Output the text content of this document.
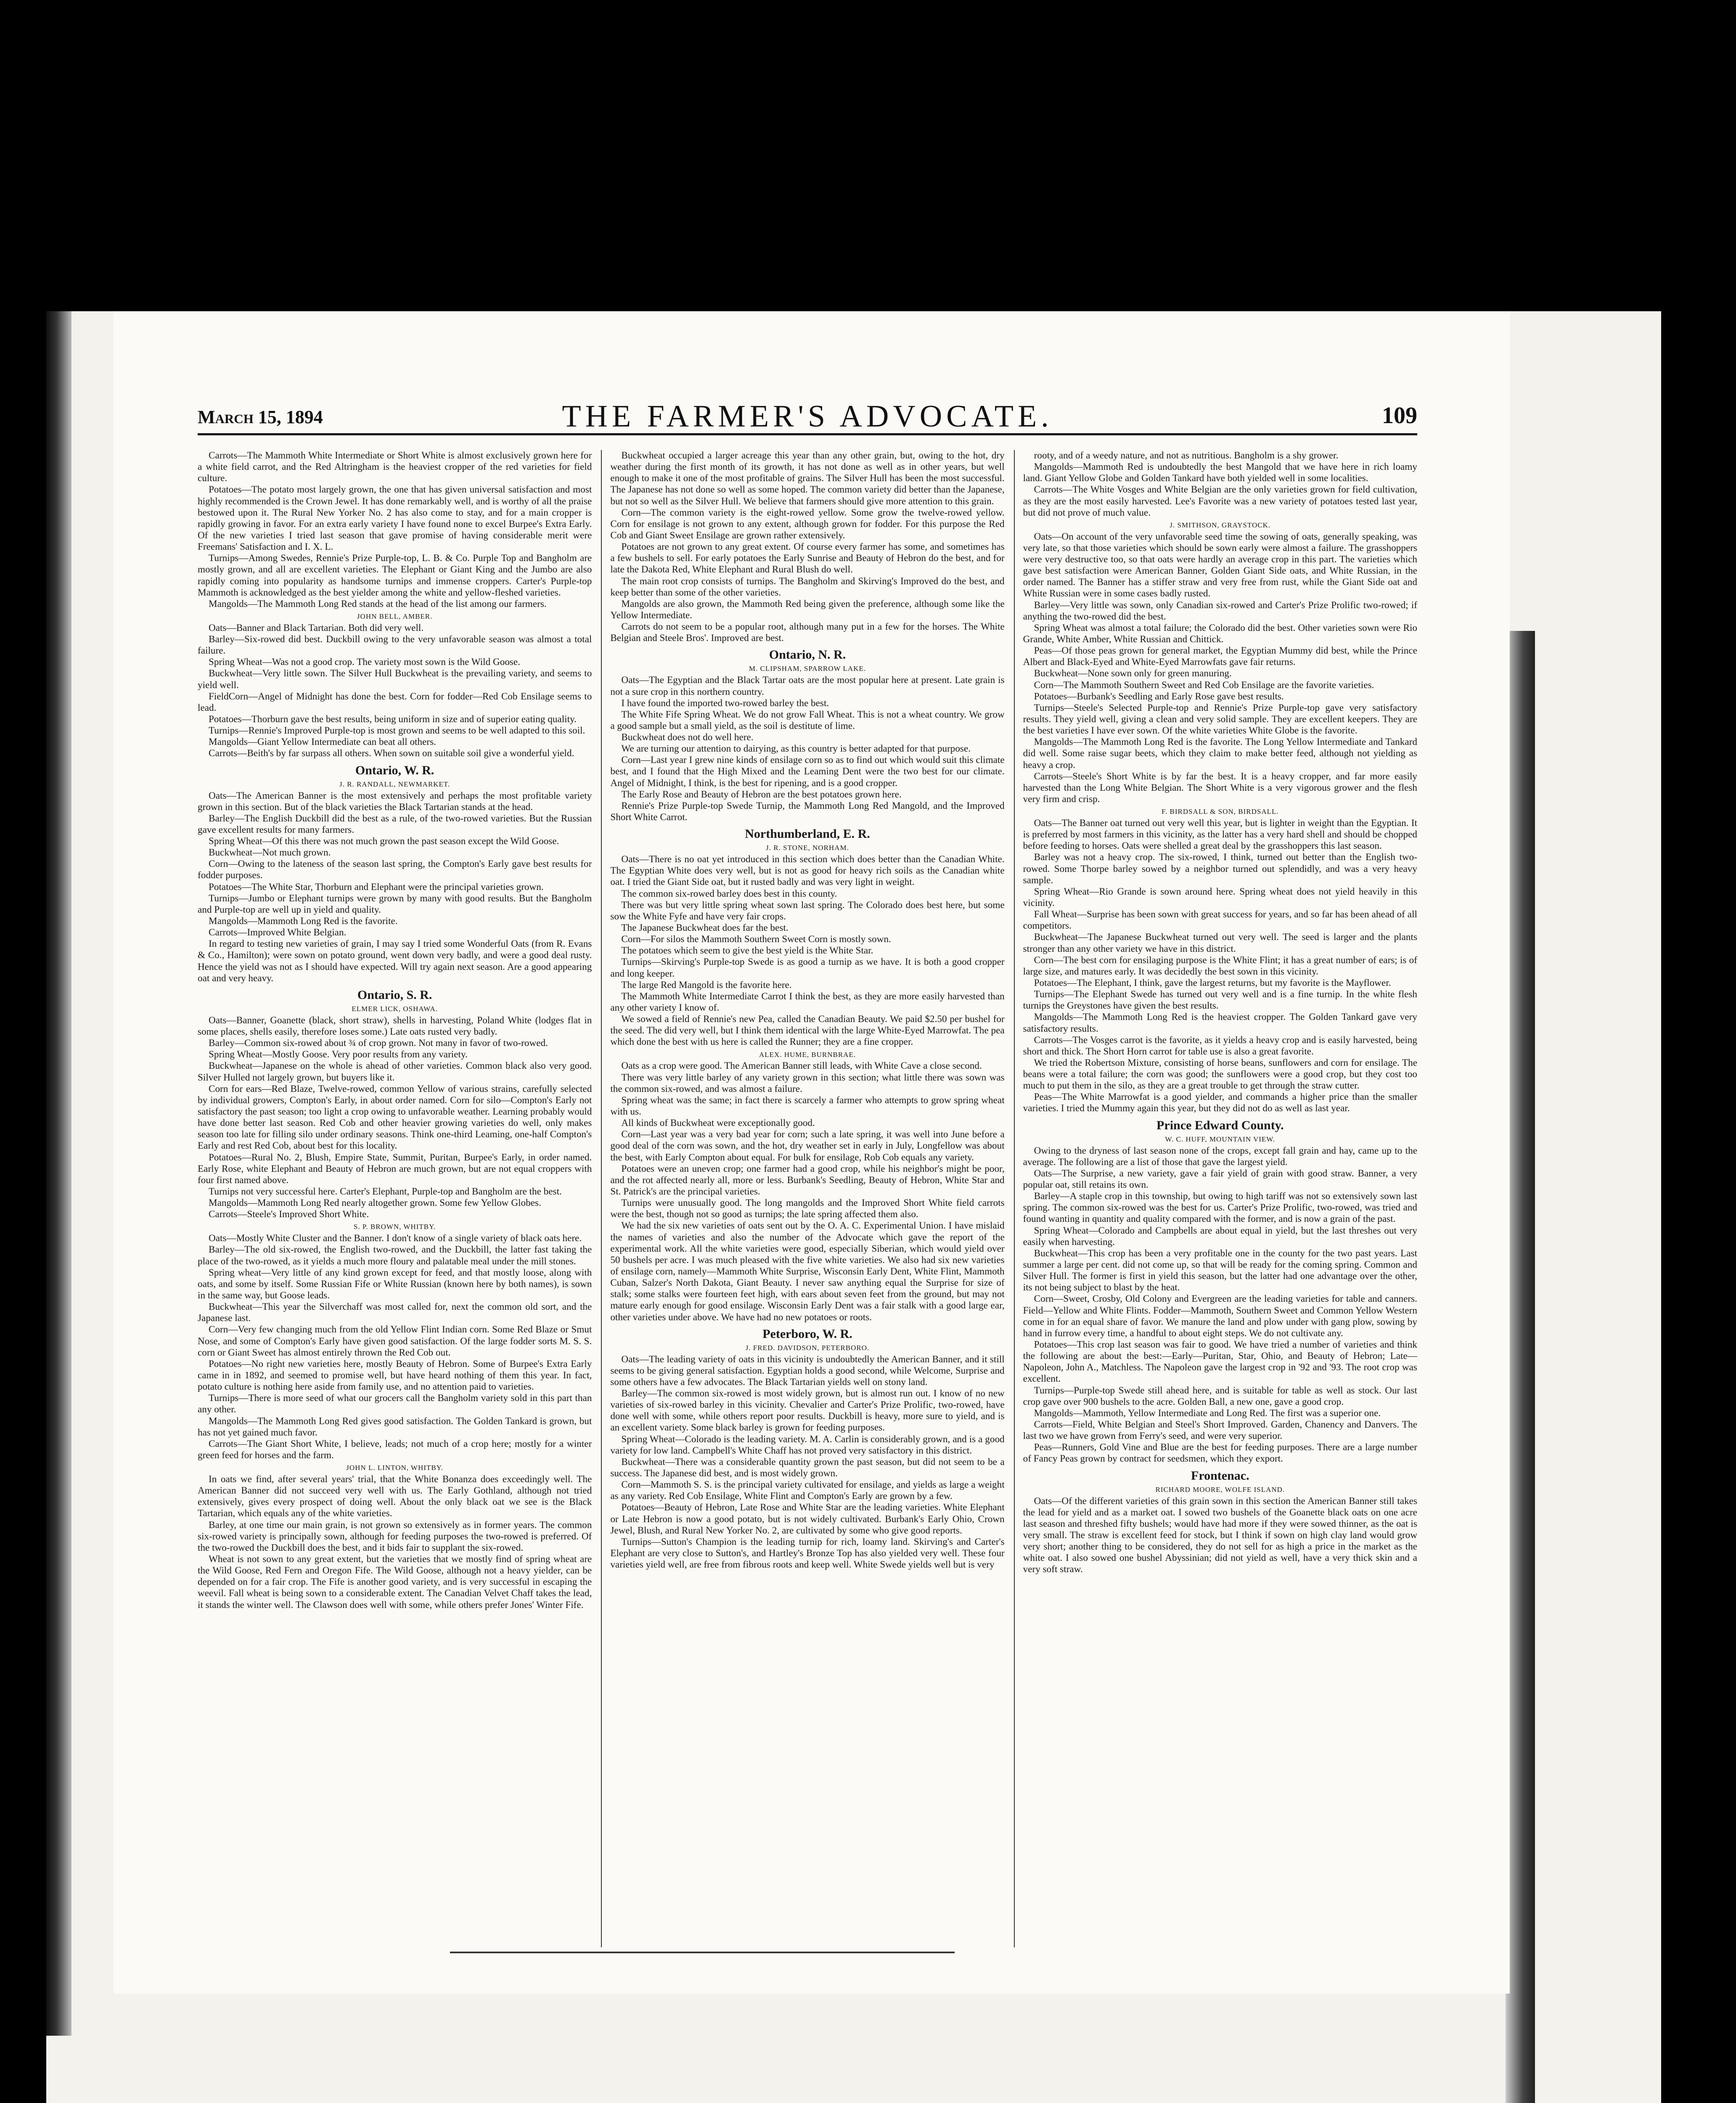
March 15, 1894	THE FARMER'S ADVOCATE.	109

Carrots—The Mammoth White Intermediate or Short White is almost exclusively grown here for a white field carrot, and the Red Altringham is the heaviest cropper of the red varieties for field culture.

Potatoes—The potato most largely grown, the one that has given universal satisfaction and most highly recommended is the Crown Jewel. It has done remarkably well, and is worthy of all the praise bestowed upon it. The Rural New Yorker No. 2 has also come to stay, and for a main cropper is rapidly growing in favor. For an extra early variety I have found none to excel Burpee's Extra Early. Of the new varieties I tried last season that gave promise of having considerable merit were Freemans' Satisfaction and I. X. L.

Turnips—Among Swedes, Rennie's Prize Purple-top, L. B. & Co. Purple Top and Bangholm are mostly grown, and all are excellent varieties. The Elephant or Giant King and the Jumbo are also rapidly coming into popularity as handsome turnips and immense croppers. Carter's Purple-top Mammoth is acknowledged as the best yielder among the white and yellow-fleshed varieties.

Mangolds—The Mammoth Long Red stands at the head of the list among our farmers.

JOHN BELL, AMBER.

Oats—Banner and Black Tartarian. Both did very well.

Barley—Six-rowed did best. Duckbill owing to the very unfavorable season was almost a total failure.

Spring Wheat—Was not a good crop. The variety most sown is the Wild Goose.

Buckwheat—Very little sown. The Silver Hull Buckwheat is the prevailing variety, and seems to yield well.

FieldCorn—Angel of Midnight has done the best. Corn for fodder—Red Cob Ensilage seems to lead.

Potatoes—Thorburn gave the best results, being uniform in size and of superior eating quality.

Turnips—Rennie's Improved Purple-top is most grown and seems to be well adapted to this soil.

Mangolds—Giant Yellow Intermediate can beat all others.

Carrots—Beith's by far surpass all others. When sown on suitable soil give a wonderful yield.

Ontario, W. R.
J. R. RANDALL, NEWMARKET.

Oats—The American Banner is the most extensively and perhaps the most profitable variety grown in this section. But of the black varieties the Black Tartarian stands at the head.

Barley—The English Duckbill did the best as a rule, of the two-rowed varieties. But the Russian gave excellent results for many farmers.

Spring Wheat—Of this there was not much grown the past season except the Wild Goose.

Buckwheat—Not much grown.

Corn—Owing to the lateness of the season last spring, the Compton's Early gave best results for fodder purposes.

Potatoes—The White Star, Thorburn and Elephant were the principal varieties grown.

Turnips—Jumbo or Elephant turnips were grown by many with good results. But the Bangholm and Purple-top are well up in yield and quality.

Mangolds—Mammoth Long Red is the favorite.

Carrots—Improved White Belgian.

In regard to testing new varieties of grain, I may say I tried some Wonderful Oats (from R. Evans & Co., Hamilton); were sown on potato ground, went down very badly, and were a good deal rusty. Hence the yield was not as I should have expected. Will try again next season. Are a good appearing oat and very heavy.

Ontario, S. R.
ELMER LICK, OSHAWA.

Oats—Banner, Goanette (black, short straw), shells in harvesting, Poland White (lodges flat in some places, shells easily, therefore loses some.) Late oats rusted very badly.

Barley—Common six-rowed about ¾ of crop grown. Not many in favor of two-rowed.

Spring Wheat—Mostly Goose. Very poor results from any variety.

Buckwheat—Japanese on the whole is ahead of other varieties. Common black also very good. Silver Hulled not largely grown, but buyers like it.

Corn for ears—Red Blaze, Twelve-rowed, common Yellow of various strains, carefully selected by individual growers, Compton's Early, in about order named. Corn for silo—Compton's Early not satisfactory the past season; too light a crop owing to unfavorable weather. Learning probably would have done better last season. Red Cob and other heavier growing varieties do well, only makes season too late for filling silo under ordinary seasons. Think one-third Leaming, one-half Compton's Early and rest Red Cob, about best for this locality.

Potatoes—Rural No. 2, Blush, Empire State, Summit, Puritan, Burpee's Early, in order named. Early Rose, white Elephant and Beauty of Hebron are much grown, but are not equal croppers with four first named above.

Turnips not very successful here. Carter's Elephant, Purple-top and Bangholm are the best.

Mangolds—Mammoth Long Red nearly altogether grown. Some few Yellow Globes.

Carrots—Steele's Improved Short White.

S. P. BROWN, WHITBY.

Oats—Mostly White Cluster and the Banner. I don't know of a single variety of black oats here.

Barley—The old six-rowed, the English two-rowed, and the Duckbill, the latter fast taking the place of the two-rowed, as it yields a much more floury and palatable meal under the mill stones.

Spring wheat—Very little of any kind grown except for feed, and that mostly loose, along with oats, and some by itself. Some Russian Fife or White Russian (known here by both names), is sown in the same way, but Goose leads.

Buckwheat—This year the Silverchaff was most called for, next the common old sort, and the Japanese last.

Corn—Very few changing much from the old Yellow Flint Indian corn. Some Red Blaze or Smut Nose, and some of Compton's Early have given good satisfaction. Of the large fodder sorts M. S. S. corn or Giant Sweet has almost entirely thrown the Red Cob out.

Potatoes—No right new varieties here, mostly Beauty of Hebron. Some of Burpee's Extra Early came in in 1892, and seemed to promise well, but have heard nothing of them this year. In fact, potato culture is nothing here aside from family use, and no attention paid to varieties.

Turnips—There is more seed of what our grocers call the Bangholm variety sold in this part than any other.

Mangolds—The Mammoth Long Red gives good satisfaction. The Golden Tankard is grown, but has not yet gained much favor.

Carrots—The Giant Short White, I believe, leads; not much of a crop here; mostly for a winter green feed for horses and the farm.

JOHN L. LINTON, WHITBY.

In oats we find, after several years' trial, that the White Bonanza does exceedingly well. The American Banner did not succeed very well with us. The Early Gothland, although not tried extensively, gives every prospect of doing well. About the only black oat we see is the Black Tartarian, which equals any of the white varieties.

Barley, at one time our main grain, is not grown so extensively as in former years. The common six-rowed variety is principally sown, although for feeding purposes the two-rowed is preferred. Of the two-rowed the Duckbill does the best, and it bids fair to supplant the six-rowed.

Wheat is not sown to any great extent, but the varieties that we mostly find of spring wheat are the Wild Goose, Red Fern and Oregon Fife. The Wild Goose, although not a heavy yielder, can be depended on for a fair crop. The Fife is another good variety, and is very successful in escaping the weevil. Fall wheat is being sown to a considerable extent. The Canadian Velvet Chaff takes the lead, it stands the winter well. The Clawson does well with some, while others prefer Jones' Winter Fife.

Buckwheat occupied a larger acreage this year than any other grain, but, owing to the hot, dry weather during the first month of its growth, it has not done as well as in other years, but well enough to make it one of the most profitable of grains. The Silver Hull has been the most successful. The Japanese has not done so well as some hoped. The common variety did better than the Japanese, but not so well as the Silver Hull. We believe that farmers should give more attention to this grain.

Corn—The common variety is the eight-rowed yellow. Some grow the twelve-rowed yellow. Corn for ensilage is not grown to any extent, although grown for fodder. For this purpose the Red Cob and Giant Sweet Ensilage are grown rather extensively.

Potatoes are not grown to any great extent. Of course every farmer has some, and sometimes has a few bushels to sell. For early potatoes the Early Sunrise and Beauty of Hebron do the best, and for late the Dakota Red, White Elephant and Rural Blush do well.

The main root crop consists of turnips. The Bangholm and Skirving's Improved do the best, and keep better than some of the other varieties.

Mangolds are also grown, the Mammoth Red being given the preference, although some like the Yellow Intermediate.

Carrots do not seem to be a popular root, although many put in a few for the horses. The White Belgian and Steele Bros'. Improved are best.

Ontario, N. R.
M. CLIPSHAM, SPARROW LAKE.

Oats—The Egyptian and the Black Tartar oats are the most popular here at present. Late grain is not a sure crop in this northern country.

I have found the imported two-rowed barley the best.

The White Fife Spring Wheat. We do not grow Fall Wheat. This is not a wheat country. We grow a good sample but a small yield, as the soil is destitute of lime.

Buckwheat does not do well here.

We are turning our attention to dairying, as this country is better adapted for that purpose.

Corn—Last year I grew nine kinds of ensilage corn so as to find out which would suit this climate best, and I found that the High Mixed and the Leaming Dent were the two best for our climate. Angel of Midnight, I think, is the best for ripening, and is a good cropper.

The Early Rose and Beauty of Hebron are the best potatoes grown here.

Rennie's Prize Purple-top Swede Turnip, the Mammoth Long Red Mangold, and the Improved Short White Carrot.

Northumberland, E. R.
J. R. STONE, NORHAM.

Oats—There is no oat yet introduced in this section which does better than the Canadian White. The Egyptian White does very well, but is not as good for heavy rich soils as the Canadian white oat. I tried the Giant Side oat, but it rusted badly and was very light in weight.

The common six-rowed barley does best in this county.

There was but very little spring wheat sown last spring. The Colorado does best here, but some sow the White Fyfe and have very fair crops.

The Japanese Buckwheat does far the best.

Corn—For silos the Mammoth Southern Sweet Corn is mostly sown.

The potatoes which seem to give the best yield is the White Star.

Turnips—Skirving's Purple-top Swede is as good a turnip as we have. It is both a good cropper and long keeper.

The large Red Mangold is the favorite here.

The Mammoth White Intermediate Carrot I think the best, as they are more easily harvested than any other variety I know of.

We sowed a field of Rennie's new Pea, called the Canadian Beauty. We paid $2.50 per bushel for the seed. The did very well, but I think them identical with the large White-Eyed Marrowfat. The pea which done the best with us here is called the Runner; they are a fine cropper.

ALEX. HUME, BURNBRAE.

Oats as a crop were good. The American Banner still leads, with White Cave a close second.

There was very little barley of any variety grown in this section; what little there was sown was the common six-rowed, and was almost a failure.

Spring wheat was the same; in fact there is scarcely a farmer who attempts to grow spring wheat with us.

All kinds of Buckwheat were exceptionally good.

Corn—Last year was a very bad year for corn; such a late spring, it was well into June before a good deal of the corn was sown, and the hot, dry weather set in early in July, Longfellow was about the best, with Early Compton about equal. For bulk for ensilage, Rob Cob equals any variety.

Potatoes were an uneven crop; one farmer had a good crop, while his neighbor's might be poor, and the rot affected nearly all, more or less. Burbank's Seedling, Beauty of Hebron, White Star and St. Patrick's are the principal varieties.

Turnips were unusually good. The long mangolds and the Improved Short White field carrots were the best, though not so good as turnips; the late spring affected them also.

We had the six new varieties of oats sent out by the O. A. C. Experimental Union. I have mislaid the names of varieties and also the number of the Advocate which gave the report of the experimental work. All the white varieties were good, especially Siberian, which would yield over 50 bushels per acre. I was much pleased with the five white varieties. We also had six new varieties of ensilage corn, namely—Mammoth White Surprise, Wisconsin Early Dent, White Flint, Mammoth Cuban, Salzer's North Dakota, Giant Beauty. I never saw anything equal the Surprise for size of stalk; some stalks were fourteen feet high, with ears about seven feet from the ground, but may not mature early enough for good ensilage. Wisconsin Early Dent was a fair stalk with a good large ear, other varieties under above. We have had no new potatoes or roots.

Peterboro, W. R.
J. FRED. DAVIDSON, PETERBORO.

Oats—The leading variety of oats in this vicinity is undoubtedly the American Banner, and it still seems to be giving general satisfaction. Egyptian holds a good second, while Welcome, Surprise and some others have a few advocates. The Black Tartarian yields well on stony land.

Barley—The common six-rowed is most widely grown, but is almost run out. I know of no new varieties of six-rowed barley in this vicinity. Chevalier and Carter's Prize Prolific, two-rowed, have done well with some, while others report poor results. Duckbill is heavy, more sure to yield, and is an excellent variety. Some black barley is grown for feeding purposes.

Spring Wheat—Colorado is the leading variety. M. A. Carlin is considerably grown, and is a good variety for low land. Campbell's White Chaff has not proved very satisfactory in this district.

Buckwheat—There was a considerable quantity grown the past season, but did not seem to be a success. The Japanese did best, and is most widely grown.

Corn—Mammoth S. S. is the principal variety cultivated for ensilage, and yields as large a weight as any variety. Red Cob Ensilage, White Flint and Compton's Early are grown by a few.

Potatoes—Beauty of Hebron, Late Rose and White Star are the leading varieties. White Elephant or Late Hebron is now a good potato, but is not widely cultivated. Burbank's Early Ohio, Crown Jewel, Blush, and Rural New Yorker No. 2, are cultivated by some who give good reports.

Turnips—Sutton's Champion is the leading turnip for rich, loamy land. Skirving's and Carter's Elephant are very close to Sutton's, and Hartley's Bronze Top has also yielded very well. These four varieties yield well, are free from fibrous roots and keep well. White Swede yields well but is very

rooty, and of a weedy nature, and not as nutritious. Bangholm is a shy grower.

Mangolds—Mammoth Red is undoubtedly the best Mangold that we have here in rich loamy land. Giant Yellow Globe and Golden Tankard have both yielded well in some localities.

Carrots—The White Vosges and White Belgian are the only varieties grown for field cultivation, as they are the most easily harvested. Lee's Favorite was a new variety of potatoes tested last year, but did not prove of much value.

J. SMITHSON, GRAYSTOCK.

Oats—On account of the very unfavorable seed time the sowing of oats, generally speaking, was very late, so that those varieties which should be sown early were almost a failure. The grasshoppers were very destructive too, so that oats were hardly an average crop in this part. The varieties which gave best satisfaction were American Banner, Golden Giant Side oats, and White Russian, in the order named. The Banner has a stiffer straw and very free from rust, while the Giant Side oat and White Russian were in some cases badly rusted.

Barley—Very little was sown, only Canadian six-rowed and Carter's Prize Prolific two-rowed; if anything the two-rowed did the best.

Spring Wheat was almost a total failure; the Colorado did the best. Other varieties sown were Rio Grande, White Amber, White Russian and Chittick.

Peas—Of those peas grown for general market, the Egyptian Mummy did best, while the Prince Albert and Black-Eyed and White-Eyed Marrowfats gave fair returns.

Buckwheat—None sown only for green manuring.

Corn—The Mammoth Southern Sweet and Red Cob Ensilage are the favorite varieties.

Potatoes—Burbank's Seedling and Early Rose gave best results.

Turnips—Steele's Selected Purple-top and Rennie's Prize Purple-top gave very satisfactory results. They yield well, giving a clean and very solid sample. They are excellent keepers. They are the best varieties I have ever sown. Of the white varieties White Globe is the favorite.

Mangolds—The Mammoth Long Red is the favorite. The Long Yellow Intermediate and Tankard did well. Some raise sugar beets, which they claim to make better feed, although not yielding as heavy a crop.

Carrots—Steele's Short White is by far the best. It is a heavy cropper, and far more easily harvested than the Long White Belgian. The Short White is a very vigorous grower and the flesh very firm and crisp.

F. BIRDSALL & SON, BIRDSALL.

Oats—The Banner oat turned out very well this year, but is lighter in weight than the Egyptian. It is preferred by most farmers in this vicinity, as the latter has a very hard shell and should be chopped before feeding to horses. Oats were shelled a great deal by the grasshoppers this last season.

Barley was not a heavy crop. The six-rowed, I think, turned out better than the English two-rowed. Some Thorpe barley sowed by a neighbor turned out splendidly, and was a very heavy sample.

Spring Wheat—Rio Grande is sown around here. Spring wheat does not yield heavily in this vicinity.

Fall Wheat—Surprise has been sown with great success for years, and so far has been ahead of all competitors.

Buckwheat—The Japanese Buckwheat turned out very well. The seed is larger and the plants stronger than any other variety we have in this district.

Corn—The best corn for ensilaging purpose is the White Flint; it has a great number of ears; is of large size, and matures early. It was decidedly the best sown in this vicinity.

Potatoes—The Elephant, I think, gave the largest returns, but my favorite is the Mayflower.

Turnips—The Elephant Swede has turned out very well and is a fine turnip. In the white flesh turnips the Greystones have given the best results.

Mangolds—The Mammoth Long Red is the heaviest cropper. The Golden Tankard gave very satisfactory results.

Carrots—The Vosges carrot is the favorite, as it yields a heavy crop and is easily harvested, being short and thick. The Short Horn carrot for table use is also a great favorite.

We tried the Robertson Mixture, consisting of horse beans, sunflowers and corn for ensilage. The beans were a total failure; the corn was good; the sunflowers were a good crop, but they cost too much to put them in the silo, as they are a great trouble to get through the straw cutter.

Peas—The White Marrowfat is a good yielder, and commands a higher price than the smaller varieties. I tried the Mummy again this year, but they did not do as well as last year.

Prince Edward County.
W. C. HUFF, MOUNTAIN VIEW.

Owing to the dryness of last season none of the crops, except fall grain and hay, came up to the average. The following are a list of those that gave the largest yield.

Oats—The Surprise, a new variety, gave a fair yield of grain with good straw. Banner, a very popular oat, still retains its own.

Barley—A staple crop in this township, but owing to high tariff was not so extensively sown last spring. The common six-rowed was the best for us. Carter's Prize Prolific, two-rowed, was tried and found wanting in quantity and quality compared with the former, and is now a grain of the past.

Spring Wheat—Colorado and Campbells are about equal in yield, but the last threshes out very easily when harvesting.

Buckwheat—This crop has been a very profitable one in the county for the two past years. Last summer a large per cent. did not come up, so that will be ready for the coming spring. Common and Silver Hull. The former is first in yield this season, but the latter had one advantage over the other, its not being subject to blast by the heat.

Corn—Sweet, Crosby, Old Colony and Evergreen are the leading varieties for table and canners. Field—Yellow and White Flints. Fodder—Mammoth, Southern Sweet and Common Yellow Western come in for an equal share of favor. We manure the land and plow under with gang plow, sowing by hand in furrow every time, a handful to about eight steps. We do not cultivate any.

Potatoes—This crop last season was fair to good. We have tried a number of varieties and think the following are about the best:—Early—Puritan, Star, Ohio, and Beauty of Hebron; Late—Napoleon, John A., Matchless. The Napoleon gave the largest crop in '92 and '93. The root crop was excellent.

Turnips—Purple-top Swede still ahead here, and is suitable for table as well as stock. Our last crop gave over 900 bushels to the acre. Golden Ball, a new one, gave a good crop.

Mangolds—Mammoth, Yellow Intermediate and Long Red. The first was a superior one.

Carrots—Field, White Belgian and Steel's Short Improved. Garden, Chanency and Danvers. The last two we have grown from Ferry's seed, and were very superior.

Peas—Runners, Gold Vine and Blue are the best for feeding purposes. There are a large number of Fancy Peas grown by contract for seedsmen, which they export.

Frontenac.
RICHARD MOORE, WOLFE ISLAND.

Oats—Of the different varieties of this grain sown in this section the American Banner still takes the lead for yield and as a market oat. I sowed two bushels of the Goanette black oats on one acre last season and threshed fifty bushels; would have had more if they were sowed thinner, as the oat is very small. The straw is excellent feed for stock, but I think if sown on high clay land would grow very short; another thing to be considered, they do not sell for as high a price in the market as the white oat. I also sowed one bushel Abyssinian; did not yield as well, have a very thick skin and a very soft straw.
